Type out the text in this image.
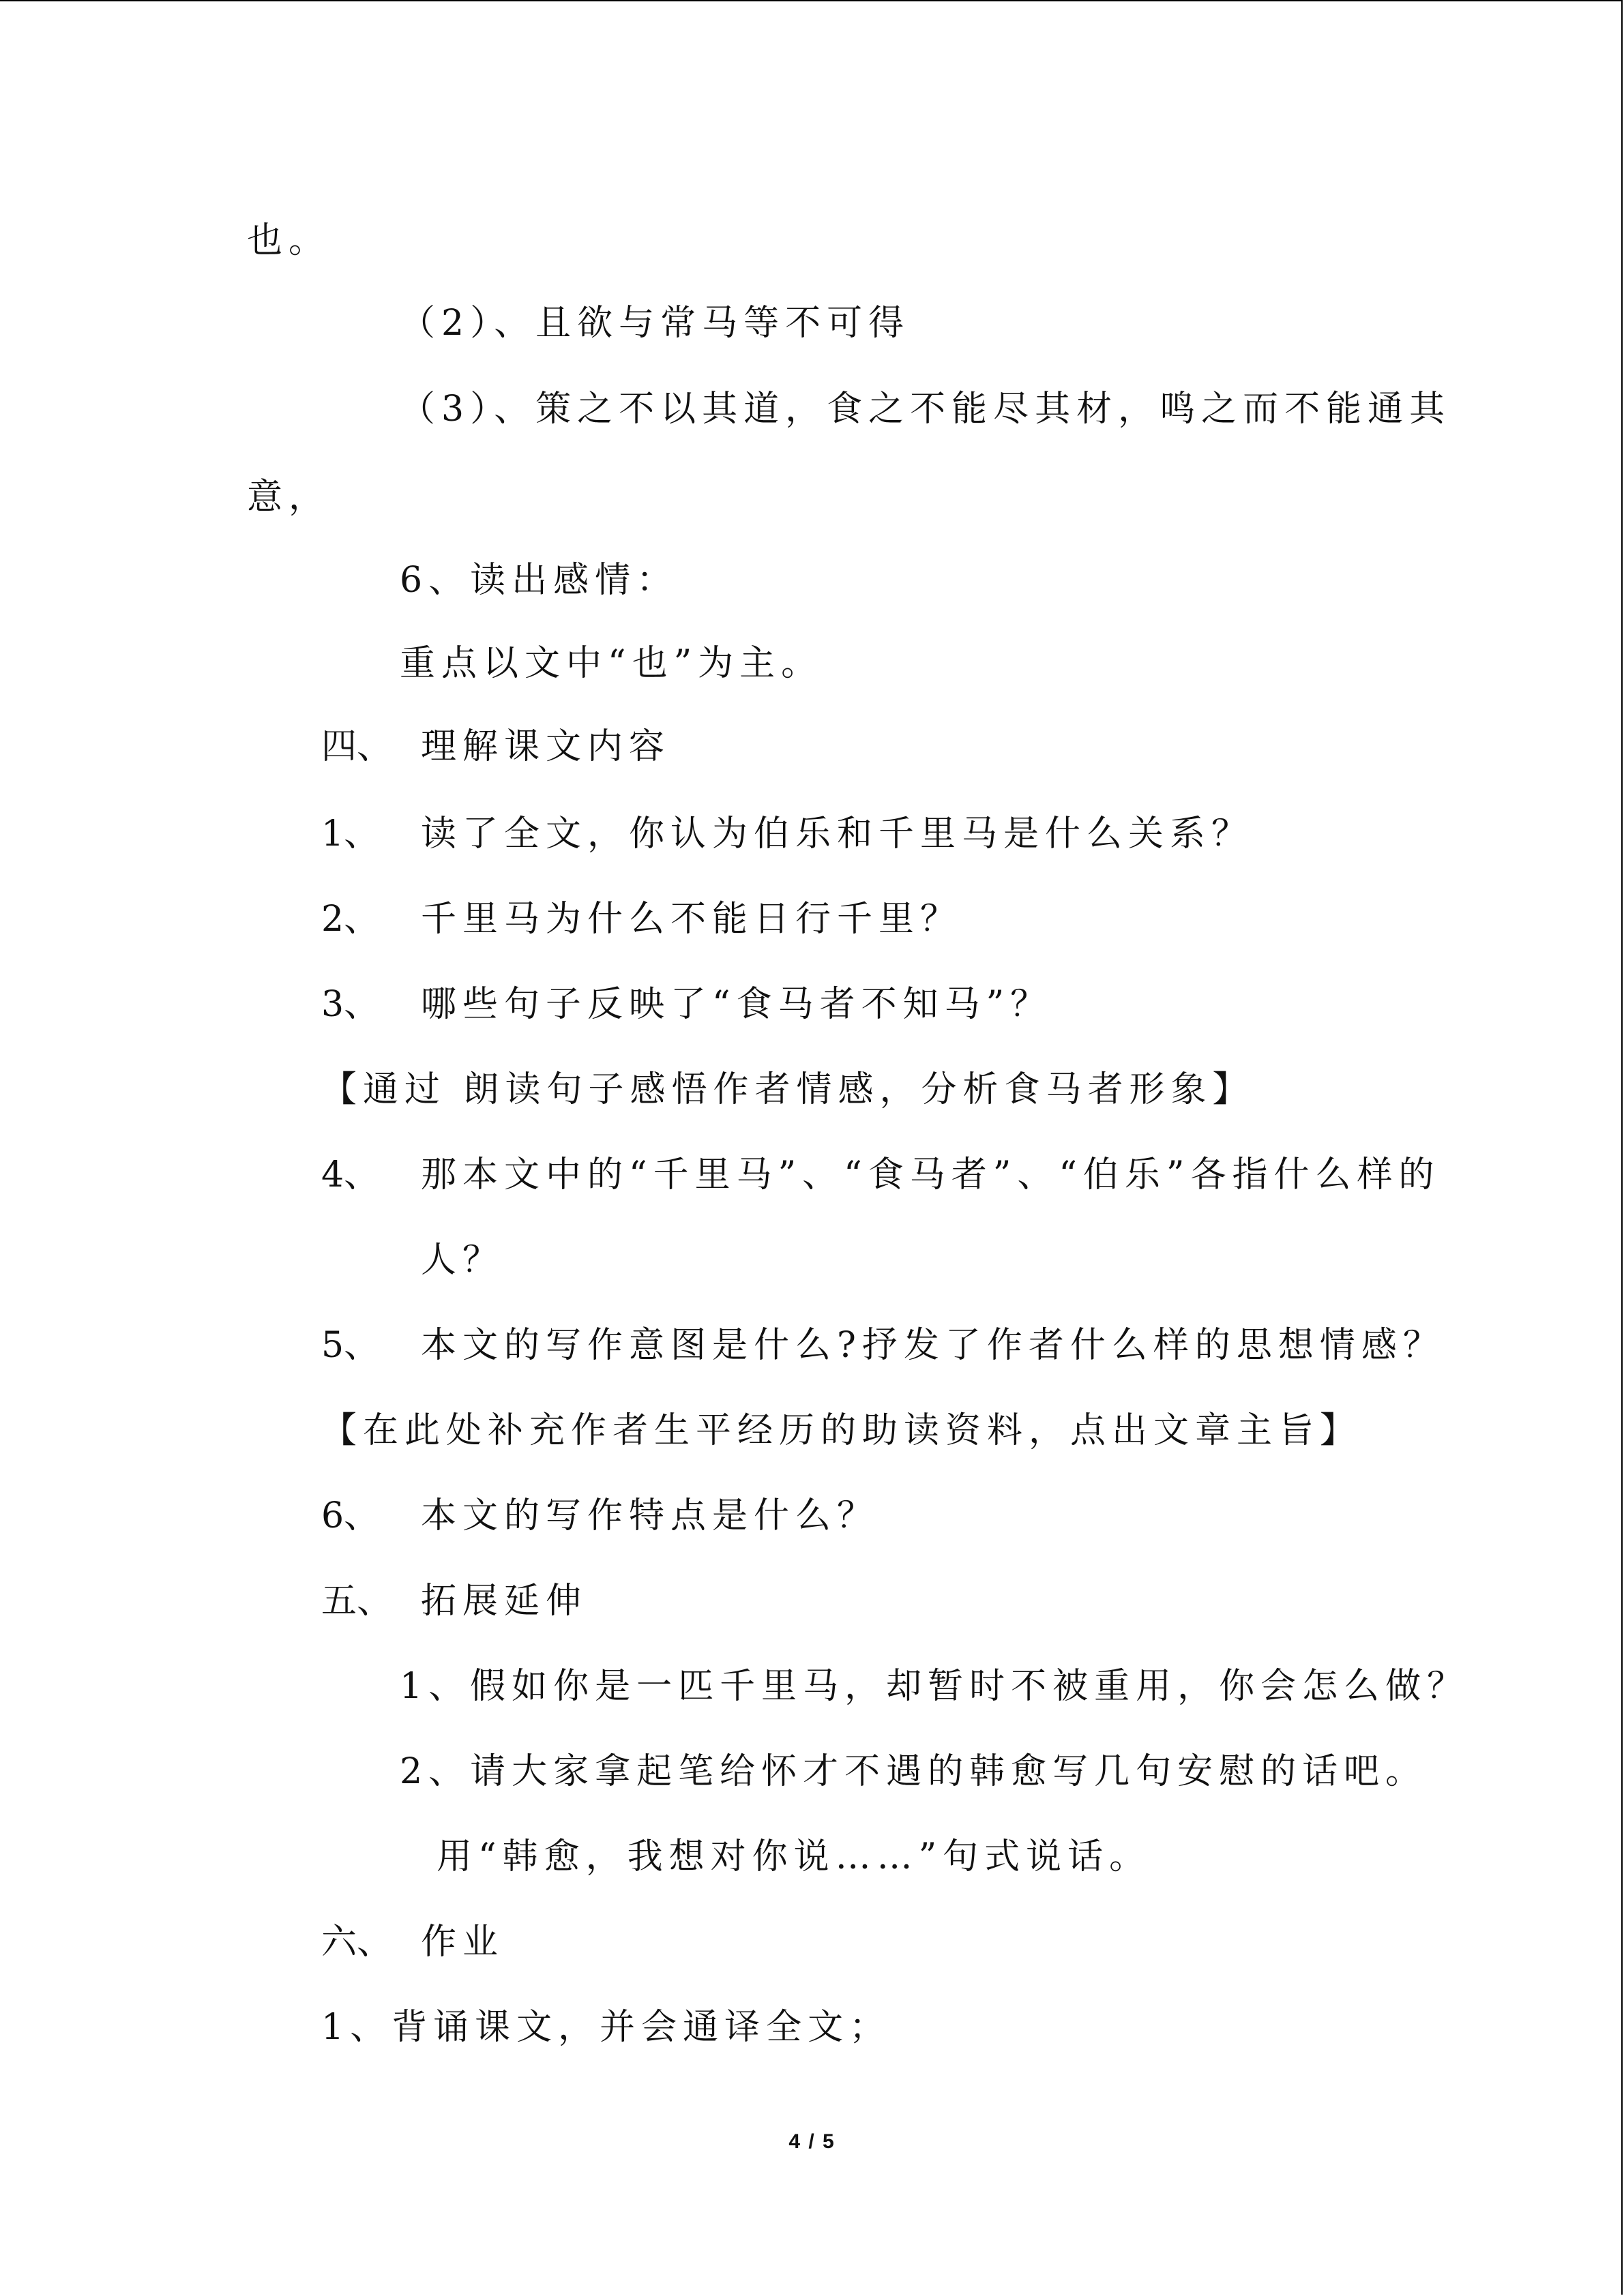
也。
（2）、且欲与常马等不可得
（3）、策之不以其道，食之不能尽其材，鸣之而不能通其
意，
6、读出感情：
重点以文中“也”为主。
四、 理解课文内容
1、 读了全文，你认为伯乐和千里马是什么关系？
2、 千里马为什么不能日行千里？
3、 哪些句子反映了“食马者不知马”？
【通过 朗读句子感悟作者情感，分析食马者形象】
4、 那本文中的“千里马”、“食马者”、“伯乐”各指什么样的
人？
5、 本文的写作意图是什么?抒发了作者什么样的思想情感？
【在此处补充作者生平经历的助读资料，点出文章主旨】
6、 本文的写作特点是什么？
五、 拓展延伸
1、假如你是一匹千里马，却暂时不被重用，你会怎么做？
2、请大家拿起笔给怀才不遇的韩愈写几句安慰的话吧。
用“韩愈，我想对你说……”句式说话。
六、 作业
1、背诵课文，并会通译全文；
4 / 5
